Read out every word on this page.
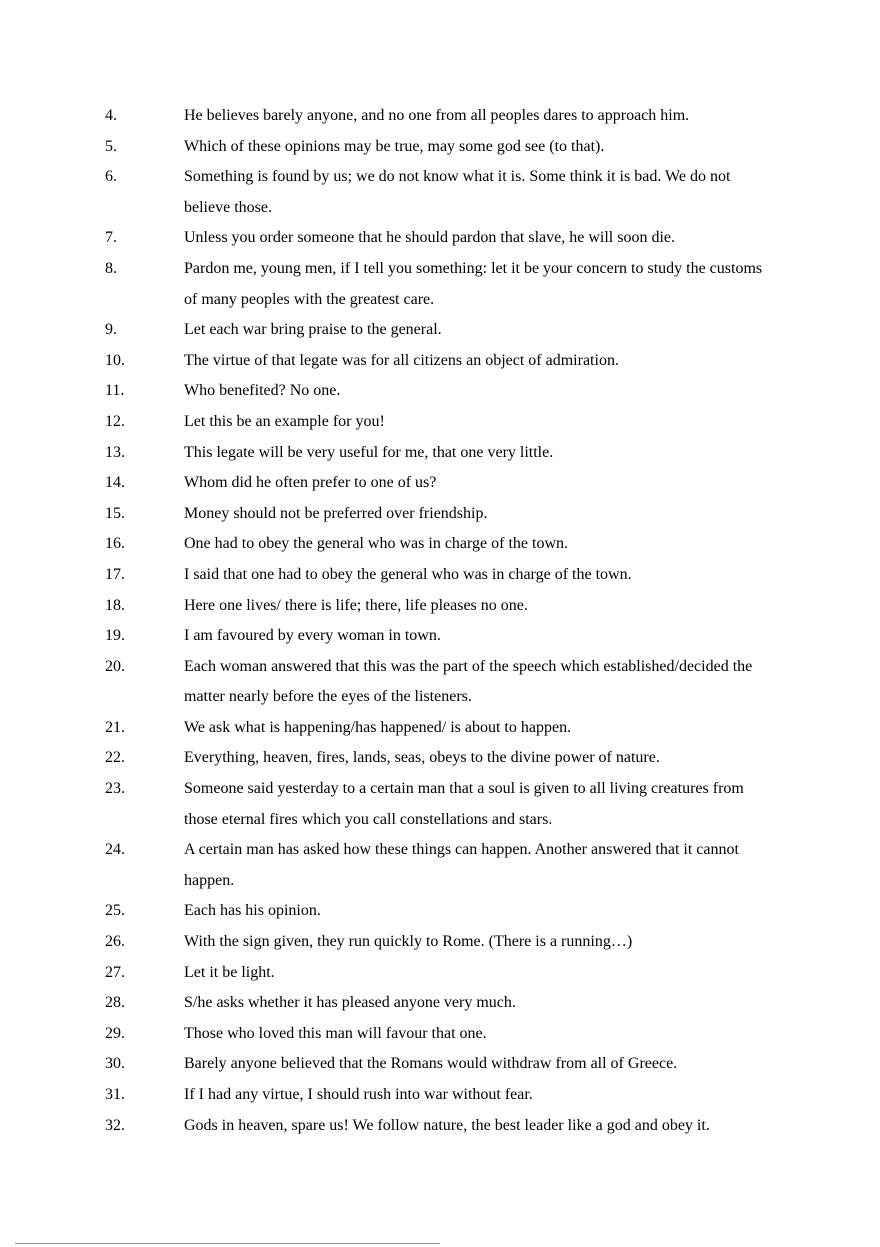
4.	He believes barely anyone, and no one from all peoples dares to approach him.
5.	Which of these opinions may be true, may some god see (to that).
6.	Something is found by us; we do not know what it is. Some think it is bad. We do not believe those.
7.	Unless you order someone that he should pardon that slave, he will soon die.
8.	Pardon me, young men, if I tell you something: let it be your concern to study the customs of many peoples with the greatest care.
9.	Let each war bring praise to the general.
10.	The virtue of that legate was for all citizens an object of admiration.
11.	Who benefited? No one.
12.	Let this be an example for you!
13.	This legate will be very useful for me, that one very little.
14.	Whom did he often prefer to one of us?
15.	Money should not be preferred over friendship.
16.	One had to obey the general who was in charge of the town.
17.	I said that one had to obey the general who was in charge of the town.
18.	Here one lives/ there is life; there, life pleases no one.
19.	I am favoured by every woman in town.
20.	Each woman answered that this was the part of the speech which established/decided the matter nearly before the eyes of the listeners.
21.	We ask what is happening/has happened/ is about to happen.
22.	Everything, heaven, fires, lands, seas, obeys to the divine power of nature.
23.	Someone said yesterday to a certain man that a soul is given to all living creatures from those eternal fires which you call constellations and stars.
24.	A certain man has asked how these things can happen. Another answered that it cannot happen.
25.	Each has his opinion.
26.	With the sign given, they run quickly to Rome. (There is a running…)
27.	Let it be light.
28.	S/he asks whether it has pleased anyone very much.
29.	Those who loved this man will favour that one.
30.	Barely anyone believed that the Romans would withdraw from all of Greece.
31.	If I had any virtue, I should rush into war without fear.
32.	Gods in heaven, spare us! We follow nature, the best leader like a god and obey it.
